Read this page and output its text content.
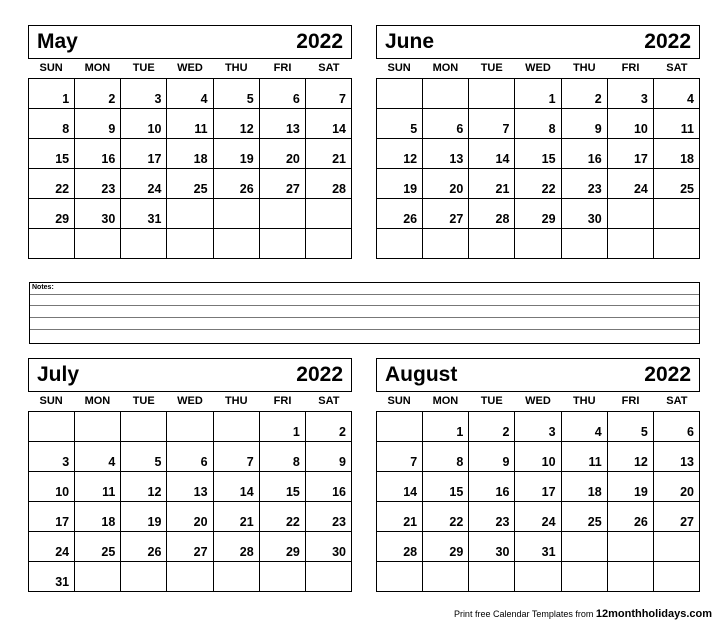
May	2022
SUN	MON	TUE	WED	THU	FRI	SAT
1	2	3	4	5	6	7
8	9	10	11	12	13	14
15	16	17	18	19	20	21
22	23	24	25	26	27	28
29	30	31				

June	2022
SUN	MON	TUE	WED	THU	FRI	SAT
			1	2	3	4
5	6	7	8	9	10	11
12	13	14	15	16	17	18
19	20	21	22	23	24	25
26	27	28	29	30		

July	2022
SUN	MON	TUE	WED	THU	FRI	SAT
					1	2
3	4	5	6	7	8	9
10	11	12	13	14	15	16
17	18	19	20	21	22	23
24	25	26	27	28	29	30
31						
August	2022
SUN	MON	TUE	WED	THU	FRI	SAT
	1	2	3	4	5	6
7	8	9	10	11	12	13
14	15	16	17	18	19	20
21	22	23	24	25	26	27
28	29	30	31			

Notes:
Print free Calendar Templates from 12monthholidays.com
